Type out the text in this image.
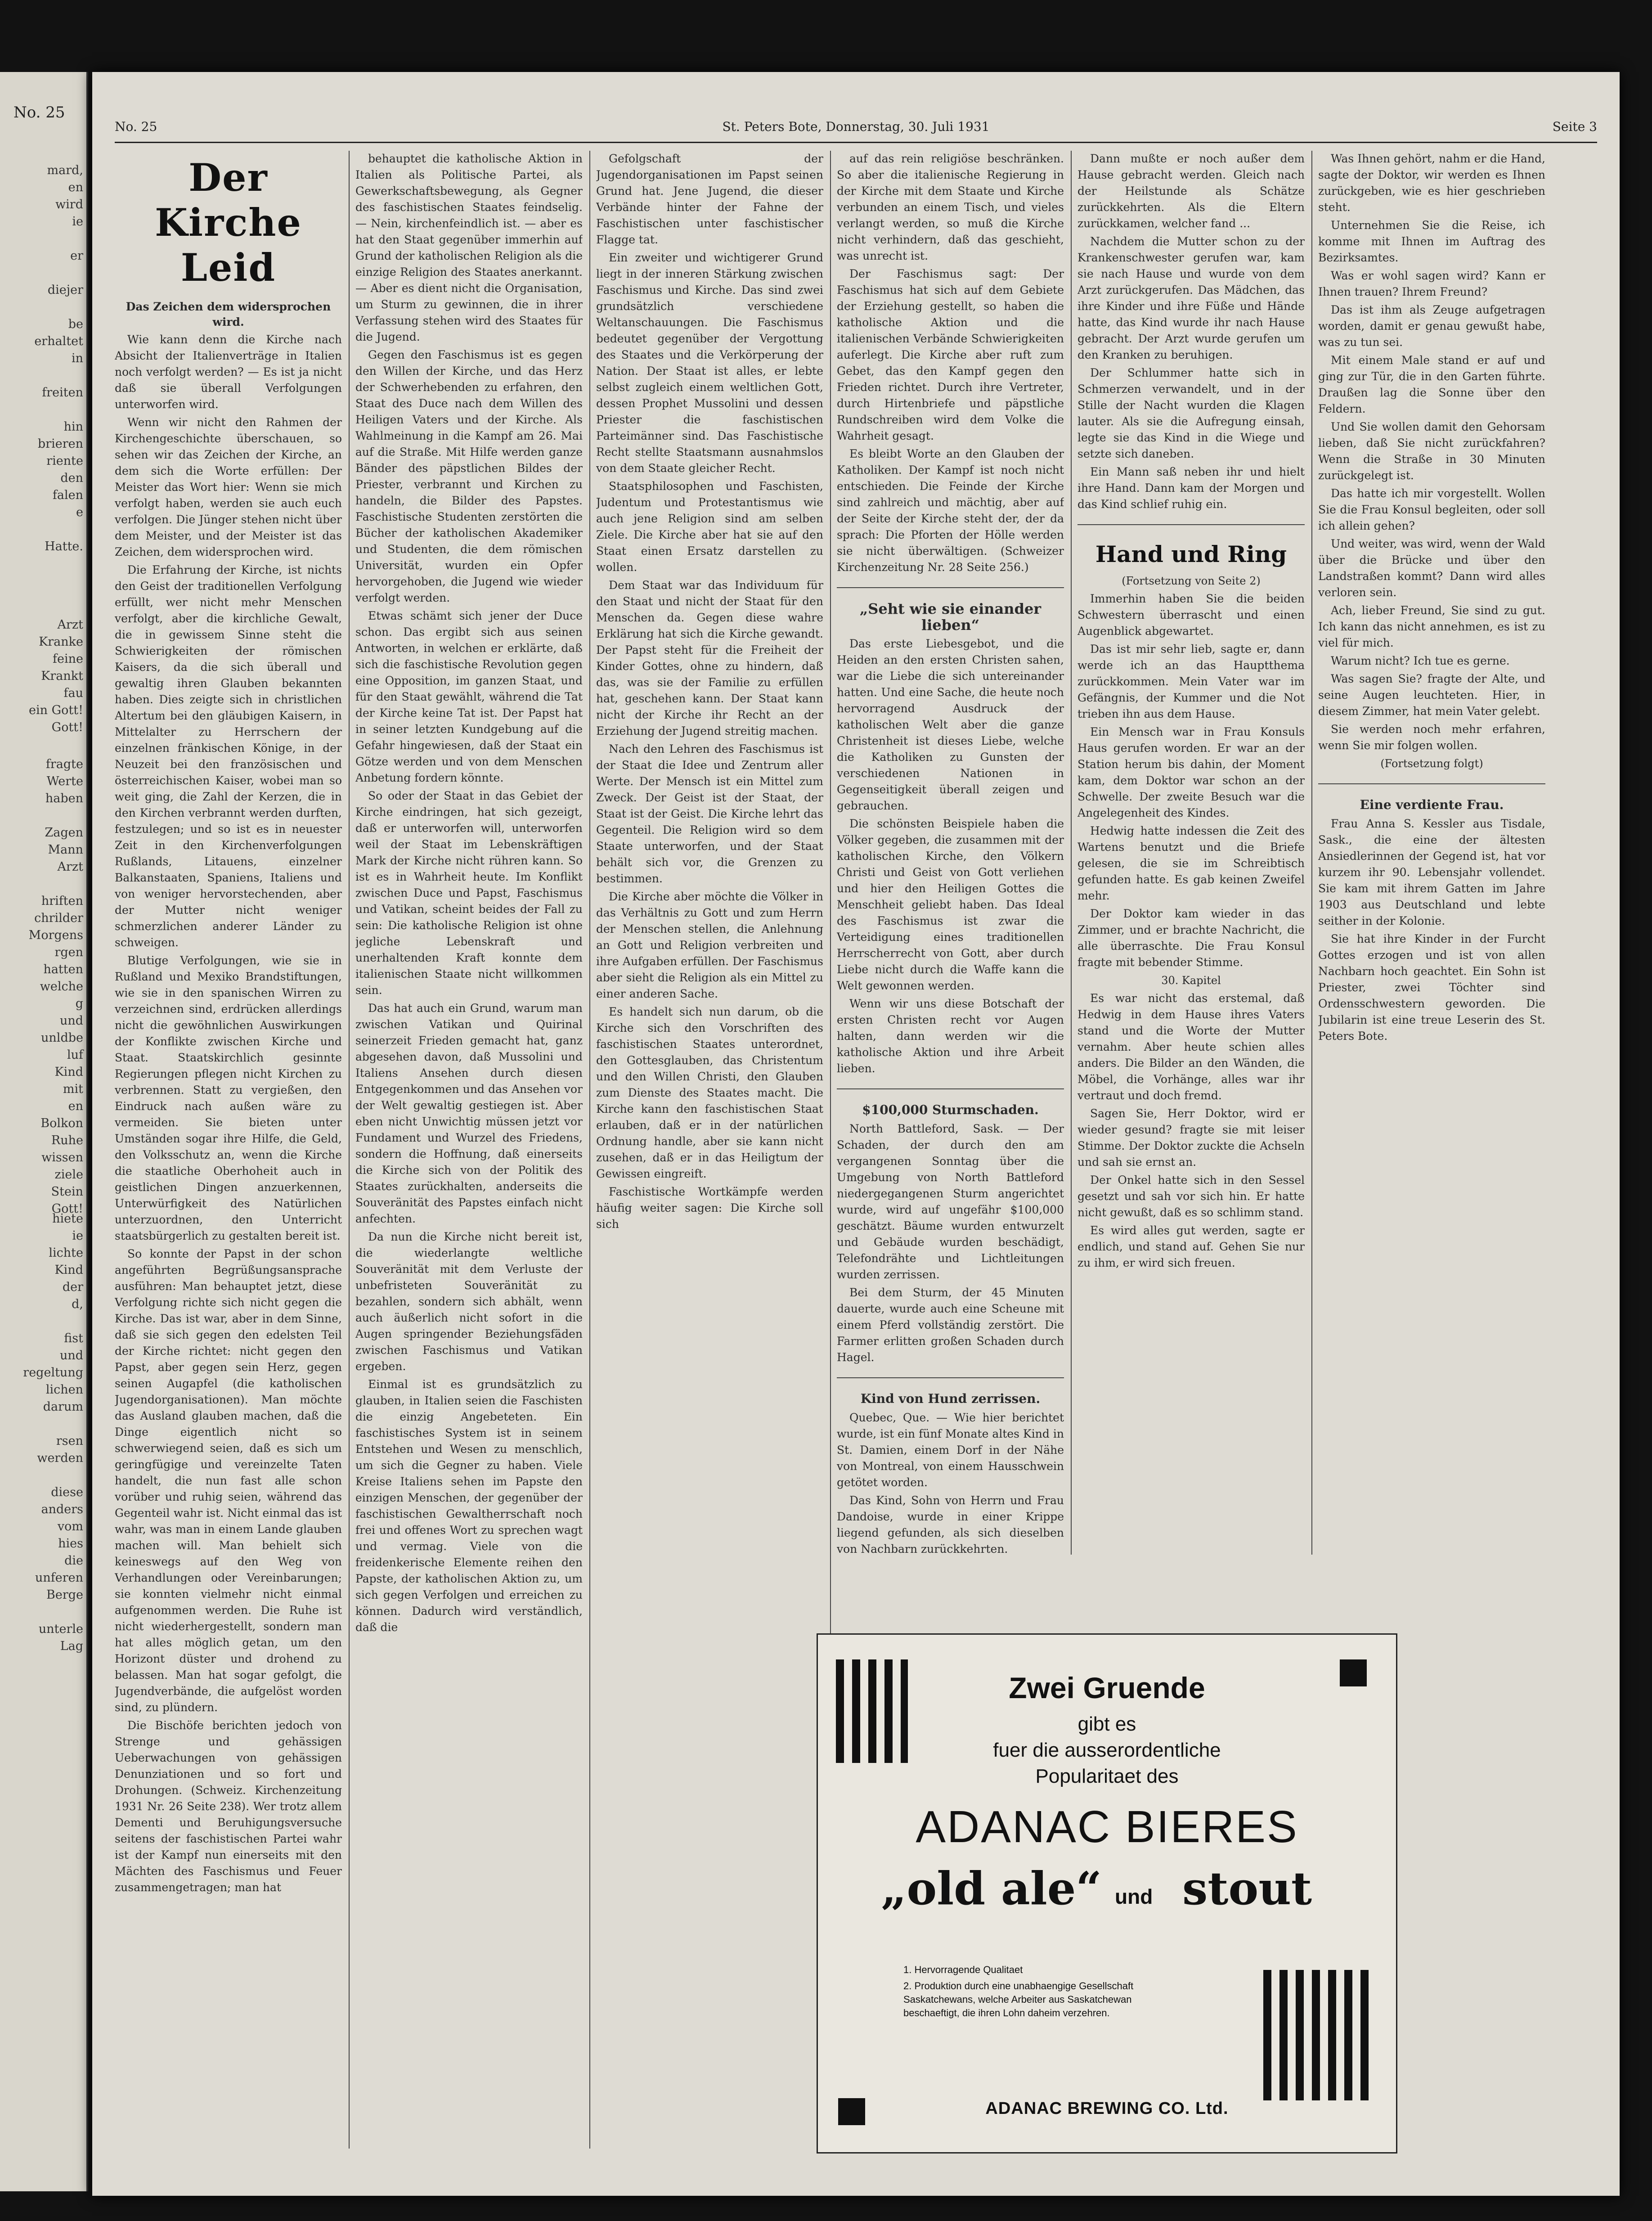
No. 25
mard,
en
wird
ie

er

diejer

be
erhaltet
in

freiten

hin
brieren
riente
den
falen
e

Hatte.
Arzt
Kranke
feine
Krankt
fau
ein Gott!
Gott!
fragte
Werte
haben

Zagen
Mann
Arzt

hriften
chrilder
Morgens
rgen
hatten
welche
g
und
unldbe
luf
Kind
mit
en
Bolkon
Ruhe
wissen
ziele
Stein
Gott!
hiete
ie
lichte
Kind
der
d,

fist
und
regeltung
lichen
darum

rsen
werden

diese
anders
vom
hies
die
unferen
Berge

unterle
Lag

No. 25	St. Peters Bote, Donnerstag, 30. Juli 1931	Seite 3
Der Kirche Leid

Das Zeichen dem widersprochen wird.

Wie kann denn die Kirche nach Absicht der Italienverträge in Italien noch verfolgt werden? — Es ist ja nicht daß sie überall Verfolgungen unterworfen wird.

Wenn wir nicht den Rahmen der Kirchengeschichte überschauen, so sehen wir das Zeichen der Kirche, an dem sich die Worte erfüllen: Der Meister das Wort hier: Wenn sie mich verfolgt haben, werden sie auch euch verfolgen. Die Jünger stehen nicht über dem Meister, und der Meister ist das Zeichen, dem widersprochen wird.

Die Erfahrung der Kirche, ist nichts den Geist der traditionellen Verfolgung erfüllt, wer nicht mehr Menschen verfolgt, aber die kirchliche Gewalt, die in gewissem Sinne steht die Schwierigkeiten der römischen Kaisers, da die sich überall und gewaltig ihren Glauben bekannten haben. Dies zeigte sich in christlichen Altertum bei den gläubigen Kaisern, in Mittelalter zu Herrschern der einzelnen fränkischen Könige, in der Neuzeit bei den französischen und österreichischen Kaiser, wobei man so weit ging, die Zahl der Kerzen, die in den Kirchen verbrannt werden durften, festzulegen; und so ist es in neuester Zeit in den Kirchenverfolgungen Rußlands, Litauens, einzelner Balkanstaaten, Spaniens, Italiens und von weniger hervorstechenden, aber der Mutter nicht weniger schmerzlichen anderer Länder zu schweigen.

Blutige Verfolgungen, wie sie in Rußland und Mexiko Brandstiftungen, wie sie in den spanischen Wirren zu verzeichnen sind, erdrücken allerdings nicht die gewöhnlichen Auswirkungen der Konflikte zwischen Kirche und Staat. Staatskirchlich gesinnte Regierungen pflegen nicht Kirchen zu verbrennen. Statt zu vergießen, den Eindruck nach außen wäre zu vermeiden. Sie bieten unter Umständen sogar ihre Hilfe, die Geld, den Volksschutz an, wenn die Kirche die staatliche Oberhoheit auch in geistlichen Dingen anzuerkennen, Unterwürfigkeit des Natürlichen unterzuordnen, den Unterricht staatsbürgerlich zu gestalten bereit ist.

So konnte der Papst in der schon angeführten Begrüßungsansprache ausführen: Man behauptet jetzt, diese Verfolgung richte sich nicht gegen die Kirche. Das ist war, aber in dem Sinne, daß sie sich gegen den edelsten Teil der Kirche richtet: nicht gegen den Papst, aber gegen sein Herz, gegen seinen Augapfel (die katholischen Jugendorganisationen). Man möchte das Ausland glauben machen, daß die Dinge eigentlich nicht so schwerwiegend seien, daß es sich um geringfügige und vereinzelte Taten handelt, die nun fast alle schon vorüber und ruhig seien, während das Gegenteil wahr ist. Nicht einmal das ist wahr, was man in einem Lande glauben machen will. Man behielt sich keineswegs auf den Weg von Verhandlungen oder Vereinbarungen; sie konnten vielmehr nicht einmal aufgenommen werden. Die Ruhe ist nicht wiederhergestellt, sondern man hat alles möglich getan, um den Horizont düster und drohend zu belassen. Man hat sogar gefolgt, die Jugendverbände, die aufgelöst worden sind, zu plündern.

Die Bischöfe berichten jedoch von Strenge und gehässigen Ueberwachungen von gehässigen Denunziationen und so fort und Drohungen. (Schweiz. Kirchenzeitung 1931 Nr. 26 Seite 238). Wer trotz allem Dementi und Beruhigungsversuche seitens der faschistischen Partei wahr ist der Kampf nun einerseits mit den Mächten des Faschismus und Feuer zusammengetragen; man hat

behauptet die katholische Aktion in Italien als Politische Partei, als Gewerkschaftsbewegung, als Gegner des faschistischen Staates feindselig. — Nein, kirchenfeindlich ist. — aber es hat den Staat gegenüber immerhin auf Grund der katholischen Religion als die einzige Religion des Staates anerkannt. — Aber es dient nicht die Organisation, um Sturm zu gewinnen, die in ihrer Verfassung stehen wird des Staates für die Jugend.

Gegen den Faschismus ist es gegen den Willen der Kirche, und das Herz der Schwerhebenden zu erfahren, den Staat des Duce nach dem Willen des Heiligen Vaters und der Kirche. Als Wahlmeinung in die Kampf am 26. Mai auf die Straße. Mit Hilfe werden ganze Bänder des päpstlichen Bildes der Priester, verbrannt und Kirchen zu handeln, die Bilder des Papstes. Faschistische Studenten zerstörten die Bücher der katholischen Akademiker und Studenten, die dem römischen Universität, wurden ein Opfer hervorgehoben, die Jugend wie wieder verfolgt werden.

Etwas schämt sich jener der Duce schon. Das ergibt sich aus seinen Antworten, in welchen er erklärte, daß sich die faschistische Revolution gegen eine Opposition, im ganzen Staat, und für den Staat gewählt, während die Tat der Kirche keine Tat ist. Der Papst hat in seiner letzten Kundgebung auf die Gefahr hingewiesen, daß der Staat ein Götze werden und von dem Menschen Anbetung fordern könnte.

So oder der Staat in das Gebiet der Kirche eindringen, hat sich gezeigt, daß er unterworfen will, unterworfen weil der Staat im Lebenskräftigen Mark der Kirche nicht rühren kann. So ist es in Wahrheit heute. Im Konflikt zwischen Duce und Papst, Faschismus und Vatikan, scheint beides der Fall zu sein: Die katholische Religion ist ohne jegliche Lebenskraft und unerhaltenden Kraft konnte dem italienischen Staate nicht willkommen sein.

Das hat auch ein Grund, warum man zwischen Vatikan und Quirinal seinerzeit Frieden gemacht hat, ganz abgesehen davon, daß Mussolini und Italiens Ansehen durch diesen Entgegenkommen und das Ansehen vor der Welt gewaltig gestiegen ist. Aber eben nicht Unwichtig müssen jetzt vor Fundament und Wurzel des Friedens, sondern die Hoffnung, daß einerseits die Kirche sich von der Politik des Staates zurückhalten, anderseits die Souveränität des Papstes einfach nicht anfechten.

Da nun die Kirche nicht bereit ist, die wiederlangte weltliche Souveränität mit dem Verluste der unbefristeten Souveränität zu bezahlen, sondern sich abhält, wenn auch äußerlich nicht sofort in die Augen springender Beziehungsfäden zwischen Faschismus und Vatikan ergeben.

Einmal ist es grundsätzlich zu glauben, in Italien seien die Faschisten die einzig Angebeteten. Ein faschistisches System ist in seinem Entstehen und Wesen zu menschlich, um sich die Gegner zu haben. Viele Kreise Italiens sehen im Papste den einzigen Menschen, der gegenüber der faschistischen Gewaltherrschaft noch frei und offenes Wort zu sprechen wagt und vermag. Viele von die freidenkerische Elemente reihen den Papste, der katholischen Aktion zu, um sich gegen Verfolgen und erreichen zu können. Dadurch wird verständlich, daß die

Gefolgschaft der Jugendorganisationen im Papst seinen Grund hat. Jene Jugend, die dieser Verbände hinter der Fahne der Faschistischen unter faschistischer Flagge tat.

Ein zweiter und wichtigerer Grund liegt in der inneren Stärkung zwischen Faschismus und Kirche. Das sind zwei grundsätzlich verschiedene Weltanschauungen. Die Faschismus bedeutet gegenüber der Vergottung des Staates und die Verkörperung der Nation. Der Staat ist alles, er lebte selbst zugleich einem weltlichen Gott, dessen Prophet Mussolini und dessen Priester die faschistischen Parteimänner sind. Das Faschistische Recht stellte Staatsmann ausnahmslos von dem Staate gleicher Recht.

Staatsphilosophen und Faschisten, Judentum und Protestantismus wie auch jene Religion sind am selben Ziele. Die Kirche aber hat sie auf den Staat einen Ersatz darstellen zu wollen.

Dem Staat war das Individuum für den Staat und nicht der Staat für den Menschen da. Gegen diese wahre Erklärung hat sich die Kirche gewandt. Der Papst steht für die Freiheit der Kinder Gottes, ohne zu hindern, daß das, was sie der Familie zu erfüllen hat, geschehen kann. Der Staat kann nicht der Kirche ihr Recht an der Erziehung der Jugend streitig machen.

Nach den Lehren des Faschismus ist der Staat die Idee und Zentrum aller Werte. Der Mensch ist ein Mittel zum Zweck. Der Geist ist der Staat, der Staat ist der Geist. Die Kirche lehrt das Gegenteil. Die Religion wird so dem Staate unterworfen, und der Staat behält sich vor, die Grenzen zu bestimmen.

Die Kirche aber möchte die Völker in das Verhältnis zu Gott und zum Herrn der Menschen stellen, die Anlehnung an Gott und Religion verbreiten und ihre Aufgaben erfüllen. Der Faschismus aber sieht die Religion als ein Mittel zu einer anderen Sache.

Es handelt sich nun darum, ob die Kirche sich den Vorschriften des faschistischen Staates unterordnet, den Gottesglauben, das Christentum und den Willen Christi, den Glauben zum Dienste des Staates macht. Die Kirche kann den faschistischen Staat erlauben, daß er in der natürlichen Ordnung handle, aber sie kann nicht zusehen, daß er in das Heiligtum der Gewissen eingreift.

Faschistische Wortkämpfe werden häufig weiter sagen: Die Kirche soll sich

auf das rein religiöse beschränken. So aber die italienische Regierung in der Kirche mit dem Staate und Kirche verbunden an einem Tisch, und vieles verlangt werden, so muß die Kirche nicht verhindern, daß das geschieht, was unrecht ist.

Der Faschismus sagt: Der Faschismus hat sich auf dem Gebiete der Erziehung gestellt, so haben die katholische Aktion und die italienischen Verbände Schwierigkeiten auferlegt. Die Kirche aber ruft zum Gebet, das den Kampf gegen den Frieden richtet. Durch ihre Vertreter, durch Hirtenbriefe und päpstliche Rundschreiben wird dem Volke die Wahrheit gesagt.

Es bleibt Worte an den Glauben der Katholiken. Der Kampf ist noch nicht entschieden. Die Feinde der Kirche sind zahlreich und mächtig, aber auf der Seite der Kirche steht der, der da sprach: Die Pforten der Hölle werden sie nicht überwältigen. (Schweizer Kirchenzeitung Nr. 28 Seite 256.)

„Seht wie sie einander lieben“

Das erste Liebesgebot, und die Heiden an den ersten Christen sahen, war die Liebe die sich untereinander hatten. Und eine Sache, die heute noch hervorragend Ausdruck der katholischen Welt aber die ganze Christenheit ist dieses Liebe, welche die Katholiken zu Gunsten der verschiedenen Nationen in Gegenseitigkeit überall zeigen und gebrauchen.

Die schönsten Beispiele haben die Völker gegeben, die zusammen mit der katholischen Kirche, den Völkern Christi und Geist von Gott verliehen und hier den Heiligen Gottes die Menschheit geliebt haben. Das Ideal des Faschismus ist zwar die Verteidigung eines traditionellen Herrscherrecht von Gott, aber durch Liebe nicht durch die Waffe kann die Welt gewonnen werden.

Wenn wir uns diese Botschaft der ersten Christen recht vor Augen halten, dann werden wir die katholische Aktion und ihre Arbeit lieben.

$100,000 Sturmschaden.

North Battleford, Sask. — Der Schaden, der durch den am vergangenen Sonntag über die Umgebung von North Battleford niedergegangenen Sturm angerichtet wurde, wird auf ungefähr $100,000 geschätzt. Bäume wurden entwurzelt und Gebäude wurden beschädigt, Telefondrähte und Lichtleitungen wurden zerrissen.

Bei dem Sturm, der 45 Minuten dauerte, wurde auch eine Scheune mit einem Pferd vollständig zerstört. Die Farmer erlitten großen Schaden durch Hagel.

Kind von Hund zerrissen.

Quebec, Que. — Wie hier berichtet wurde, ist ein fünf Monate altes Kind in St. Damien, einem Dorf in der Nähe von Montreal, von einem Hausschwein getötet worden.

Das Kind, Sohn von Herrn und Frau Dandoise, wurde in einer Krippe liegend gefunden, als sich dieselben von Nachbarn zurückkehrten.

Dann mußte er noch außer dem Hause gebracht werden. Gleich nach der Heilstunde als Schätze zurückkehrten. Als die Eltern zurückkamen, welcher fand ...

Nachdem die Mutter schon zu der Krankenschwester gerufen war, kam sie nach Hause und wurde von dem Arzt zurückgerufen. Das Mädchen, das ihre Kinder und ihre Füße und Hände hatte, das Kind wurde ihr nach Hause gebracht. Der Arzt wurde gerufen um den Kranken zu beruhigen.

Der Schlummer hatte sich in Schmerzen verwandelt, und in der Stille der Nacht wurden die Klagen lauter. Als sie die Aufregung einsah, legte sie das Kind in die Wiege und setzte sich daneben.

Ein Mann saß neben ihr und hielt ihre Hand. Dann kam der Morgen und das Kind schlief ruhig ein.

Hand und Ring

(Fortsetzung von Seite 2)

Immerhin haben Sie die beiden Schwestern überrascht und einen Augenblick abgewartet.

Das ist mir sehr lieb, sagte er, dann werde ich an das Hauptthema zurückkommen. Mein Vater war im Gefängnis, der Kummer und die Not trieben ihn aus dem Hause.

Ein Mensch war in Frau Konsuls Haus gerufen worden. Er war an der Station herum bis dahin, der Moment kam, dem Doktor war schon an der Schwelle. Der zweite Besuch war die Angelegenheit des Kindes.

Hedwig hatte indessen die Zeit des Wartens benutzt und die Briefe gelesen, die sie im Schreibtisch gefunden hatte. Es gab keinen Zweifel mehr.

Der Doktor kam wieder in das Zimmer, und er brachte Nachricht, die alle überraschte. Die Frau Konsul fragte mit bebender Stimme.

30. Kapitel

Es war nicht das erstemal, daß Hedwig in dem Hause ihres Vaters stand und die Worte der Mutter vernahm. Aber heute schien alles anders. Die Bilder an den Wänden, die Möbel, die Vorhänge, alles war ihr vertraut und doch fremd.

Sagen Sie, Herr Doktor, wird er wieder gesund? fragte sie mit leiser Stimme. Der Doktor zuckte die Achseln und sah sie ernst an.

Der Onkel hatte sich in den Sessel gesetzt und sah vor sich hin. Er hatte nicht gewußt, daß es so schlimm stand.

Es wird alles gut werden, sagte er endlich, und stand auf. Gehen Sie nur zu ihm, er wird sich freuen.

Was Ihnen gehört, nahm er die Hand, sagte der Doktor, wir werden es Ihnen zurückgeben, wie es hier geschrieben steht.

Unternehmen Sie die Reise, ich komme mit Ihnen im Auftrag des Bezirksamtes.

Was er wohl sagen wird? Kann er Ihnen trauen? Ihrem Freund?

Das ist ihm als Zeuge aufgetragen worden, damit er genau gewußt habe, was zu tun sei.

Mit einem Male stand er auf und ging zur Tür, die in den Garten führte. Draußen lag die Sonne über den Feldern.

Und Sie wollen damit den Gehorsam lieben, daß Sie nicht zurückfahren? Wenn die Straße in 30 Minuten zurückgelegt ist.

Das hatte ich mir vorgestellt. Wollen Sie die Frau Konsul begleiten, oder soll ich allein gehen?

Und weiter, was wird, wenn der Wald über die Brücke und über den Landstraßen kommt? Dann wird alles verloren sein.

Ach, lieber Freund, Sie sind zu gut. Ich kann das nicht annehmen, es ist zu viel für mich.

Warum nicht? Ich tue es gerne.

Was sagen Sie? fragte der Alte, und seine Augen leuchteten. Hier, in diesem Zimmer, hat mein Vater gelebt.

Sie werden noch mehr erfahren, wenn Sie mir folgen wollen.

(Fortsetzung folgt)

Eine verdiente Frau.

Frau Anna S. Kessler aus Tisdale, Sask., die eine der ältesten Ansiedlerinnen der Gegend ist, hat vor kurzem ihr 90. Lebensjahr vollendet. Sie kam mit ihrem Gatten im Jahre 1903 aus Deutschland und lebte seither in der Kolonie.

Sie hat ihre Kinder in der Furcht Gottes erzogen und ist von allen Nachbarn hoch geachtet. Ein Sohn ist Priester, zwei Töchter sind Ordensschwestern geworden. Die Jubilarin ist eine treue Leserin des St. Peters Bote.

Zwei Gruende
gibt es
fuer die ausserordentliche
Popularitaet des
ADANAC BIERES
„old ale“ und stout
1. Hervorragende Qualitaet
2. Produktion durch eine unabhaengige Gesellschaft Saskatchewans, welche Arbeiter aus Saskatchewan beschaeftigt, die ihren Lohn daheim verzehren.
ADANAC BREWING CO. Ltd.
